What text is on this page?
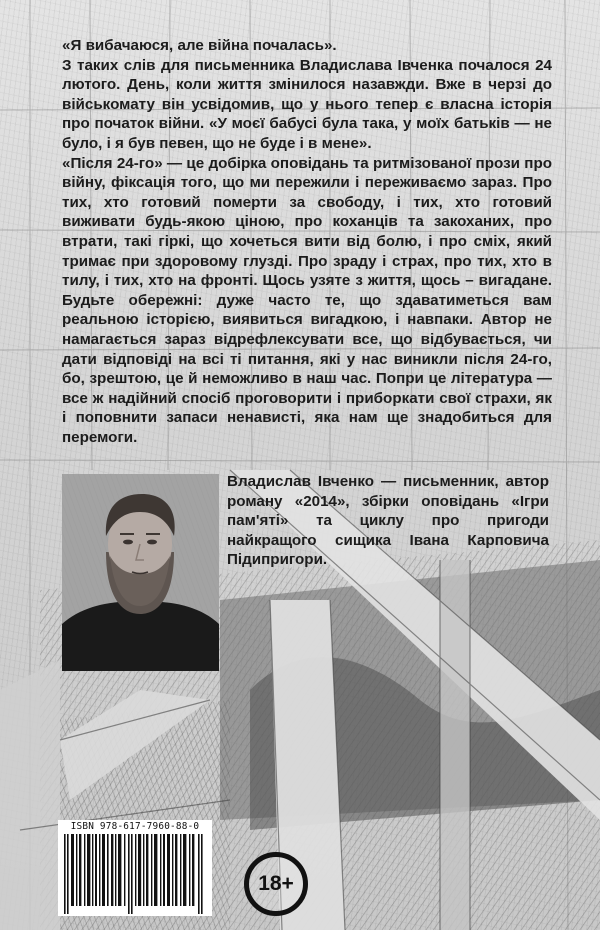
«Я вибачаюся, але війна почалась».

З таких слів для письменника Владислава Івченка почалося 24 лютого. День, коли життя змінилося назавжди. Вже в черзі до військомату він усвідомив, що у нього тепер є власна історія про початок війни. «У моєї бабусі була така, у моїх батьків — не було, і я був певен, що не буде і в мене».

«Після 24-го» — це добірка оповідань та ритмізованої прози про війну, фіксація того, що ми пережили і переживаємо зараз. Про тих, хто готовий померти за свободу, і тих, хто готовий виживати будь-якою ціною, про коханців та закоханих, про втрати, такі гіркі, що хочеться вити від болю, і про сміх, який тримає при здоровому глузді. Про зраду і страх, про тих, хто в тилу, і тих, хто на фронті. Щось узяте з життя, щось – вигадане. Будьте обережні: дуже часто те, що здаватиметься вам реальною історією, виявиться вигадкою, і навпаки. Автор не намагається зараз відрефлексувати все, що відбувається, чи дати відповіді на всі ті питання, які у нас виникли після 24-го, бо, зрештою, це й неможливо в наш час. Попри це література — все ж надійний спосіб проговорити і приборкати свої страхи, як і поповнити запаси ненависті, яка нам ще знадобиться для перемоги.

Владислав Івченко — письменник, автор роману «2014», збірки оповідань «Ігри пам'яті» та циклу про пригоди найкращого сищика Івана Карповича Підипригори.

ISBN 978-617-7960-88-0
18+
